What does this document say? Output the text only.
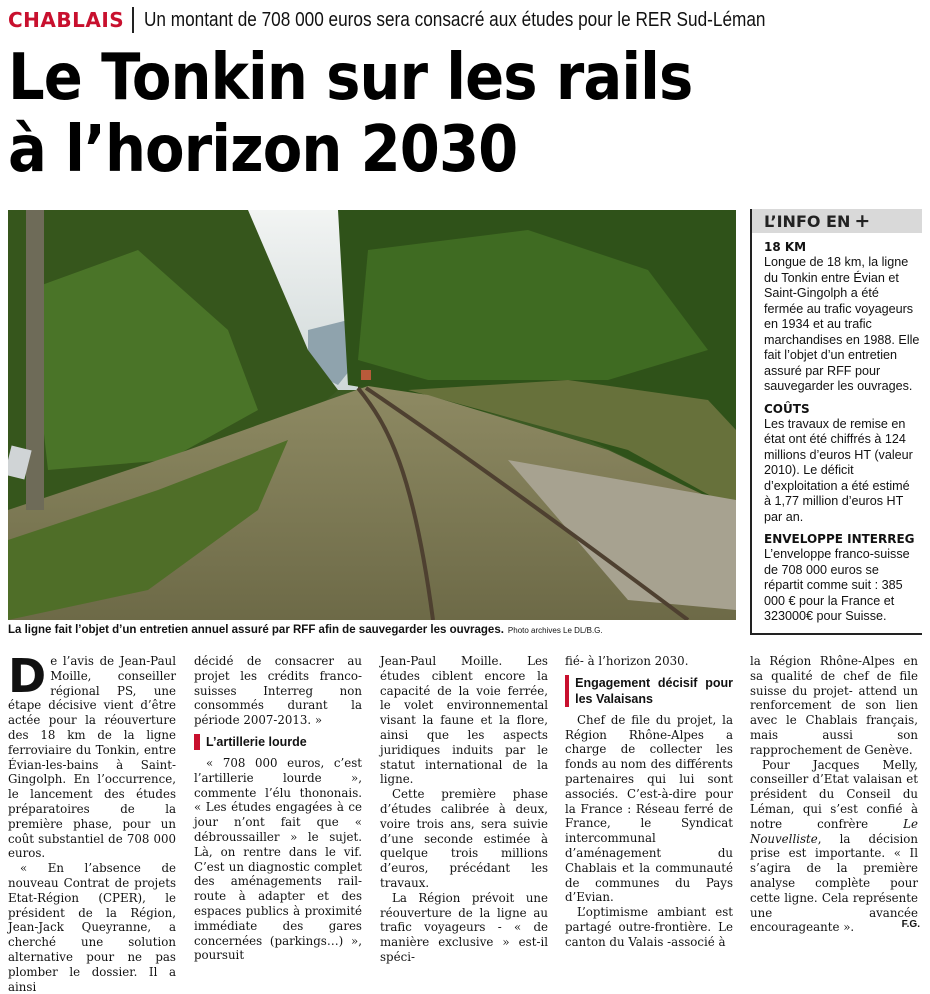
CHABLAIS Un montant de 708 000 euros sera consacré aux études pour le RER Sud-Léman
Le Tonkin sur les rails
à l’horizon 2030
La ligne fait l’objet d’un entretien annuel assuré par RFF afin de sauvegarder les ouvrages. Photo archives Le DL/B.G.
L’INFO EN +
18 KM
Longue de 18 km, la ligne du Tonkin entre Évian et Saint-Gingolph a été fermée au trafic voyageurs en 1934 et au trafic marchandises en 1988. Elle fait l’objet d’un entretien assuré par RFF pour sauvegarder les ouvrages.
COÛTS
Les travaux de remise en état ont été chiffrés à 124 millions d’euros HT (valeur 2010). Le déficit d’exploitation a été estimé à 1,77 million d’euros HT par an.
ENVELOPPE INTERREG
L’enveloppe franco-suisse de 708 000 euros se répartit comme suit : 385 000 € pour la France et 323000€ pour Suisse.

De l’avis de Jean-Paul Moille, conseiller régional PS, une étape décisive vient d’être actée pour la réouverture des 18 km de la ligne ferroviaire du Tonkin, entre Évian-les-bains à Saint-Gingolph. En l’occurrence, le lancement des études préparatoires de la première phase, pour un coût substantiel de 708 000 euros.

« En l’absence de nouveau Contrat de projets Etat-Région (CPER), le président de la Région, Jean-Jack Queyranne, a cherché une solution alternative pour ne pas plomber le dossier. Il a ainsi

décidé de consacrer au projet les crédits franco-suisses Interreg non consommés durant la période 2007-2013. »

L’artillerie lourde

« 708 000 euros, c’est l’artillerie lourde », commente l’élu thononais. « Les études engagées à ce jour n’ont fait que « débroussailler » le sujet. Là, on rentre dans le vif. C’est un diagnostic complet des aménagements rail-route à adapter et des espaces publics à proximité immédiate des gares concernées (parkings…) », poursuit

Jean-Paul Moille. Les études ciblent encore la capacité de la voie ferrée, le volet environnemental visant la faune et la flore, ainsi que les aspects juridiques induits par le statut international de la ligne.

Cette première phase d’études calibrée à deux, voire trois ans, sera suivie d’une seconde estimée à quelque trois millions d’euros, précédant les travaux.

La Région prévoit une réouverture de la ligne au trafic voyageurs - « de manière exclusive » est-il spéci-

fié- à l’horizon 2030.

Engagement décisif pour les Valaisans

Chef de file du projet, la Région Rhône-Alpes a charge de collecter les fonds au nom des différents partenaires qui lui sont associés. C’est-à-dire pour la France : Réseau ferré de France, le Syndicat intercommunal d’aménagement du Chablais et la communauté de communes du Pays d’Evian.

L’optimisme ambiant est partagé outre-frontière. Le canton du Valais -associé à

la Région Rhône-Alpes en sa qualité de chef de file suisse du projet- attend un renforcement de son lien avec le Chablais français, mais aussi son rapprochement de Genève.

Pour Jacques Melly, conseiller d’Etat valaisan et président du Conseil du Léman, qui s’est confié à notre confrère Le Nouvelliste, la décision prise est importante. « Il s’agira de la première analyse complète pour cette ligne. Cela représente une avancée encourageante ».	F.G.
